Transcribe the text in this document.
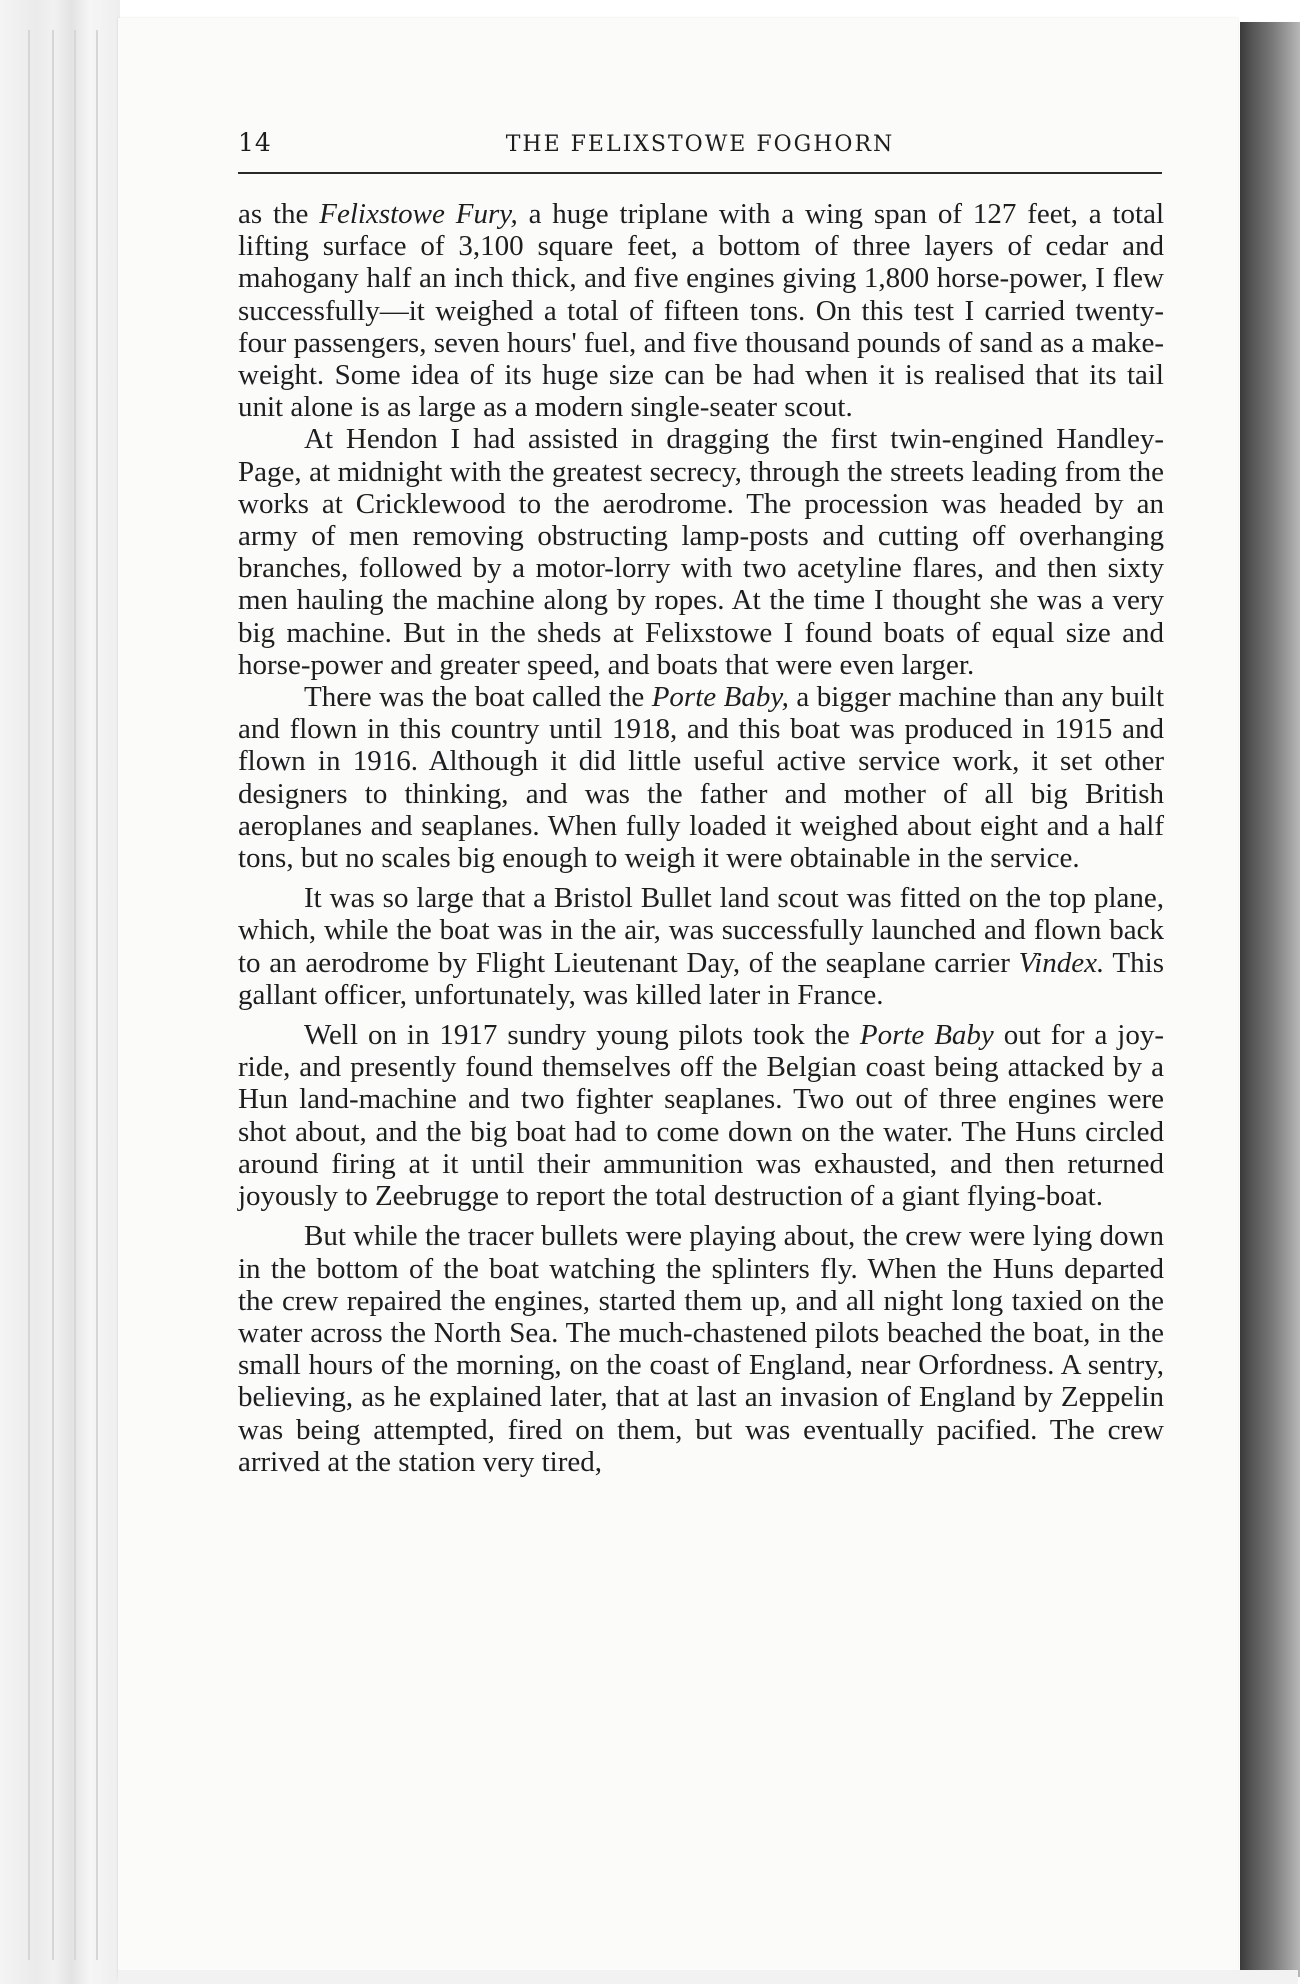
14	THE FELIXSTOWE FOGHORN

as the Felixstowe Fury, a huge triplane with a wing span of 127 feet, a total lifting surface of 3,100 square feet, a bottom of three layers of cedar and mahogany half an inch thick, and five engines giving 1,800 horse-power, I flew successfully—it weighed a total of fifteen tons. On this test I carried twenty-four passengers, seven hours' fuel, and five thousand pounds of sand as a make-weight. Some idea of its huge size can be had when it is realised that its tail unit alone is as large as a modern single-seater scout.

At Hendon I had assisted in dragging the first twin-engined Handley-Page, at midnight with the greatest secrecy, through the streets leading from the works at Cricklewood to the aerodrome. The procession was headed by an army of men removing obstructing lamp-posts and cutting off overhanging branches, followed by a motor-lorry with two acetyline flares, and then sixty men hauling the machine along by ropes. At the time I thought she was a very big machine. But in the sheds at Felixstowe I found boats of equal size and horse-power and greater speed, and boats that were even larger.

There was the boat called the Porte Baby, a bigger machine than any built and flown in this country until 1918, and this boat was produced in 1915 and flown in 1916. Although it did little useful active service work, it set other designers to thinking, and was the father and mother of all big British aeroplanes and seaplanes. When fully loaded it weighed about eight and a half tons, but no scales big enough to weigh it were obtainable in the service.

It was so large that a Bristol Bullet land scout was fitted on the top plane, which, while the boat was in the air, was successfully launched and flown back to an aerodrome by Flight Lieutenant Day, of the seaplane carrier Vindex. This gallant officer, unfortunately, was killed later in France.

Well on in 1917 sundry young pilots took the Porte Baby out for a joy-ride, and presently found themselves off the Belgian coast being attacked by a Hun land-machine and two fighter seaplanes. Two out of three engines were shot about, and the big boat had to come down on the water. The Huns circled around firing at it until their ammunition was exhausted, and then returned joyously to Zeebrugge to report the total destruction of a giant flying-boat.

But while the tracer bullets were playing about, the crew were lying down in the bottom of the boat watching the splinters fly. When the Huns departed the crew repaired the engines, started them up, and all night long taxied on the water across the North Sea. The much-chastened pilots beached the boat, in the small hours of the morning, on the coast of England, near Orfordness. A sentry, believing, as he explained later, that at last an invasion of England by Zeppelin was being attempted, fired on them, but was eventually pacified. The crew arrived at the station very tired,
